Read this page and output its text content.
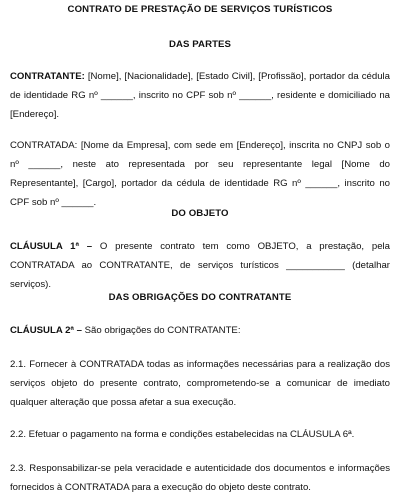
CONTRATO DE PRESTAÇÃO DE SERVIÇOS TURÍSTICOS
DAS PARTES

CONTRATANTE: [Nome], [Nacionalidade], [Estado Civil], [Profissão], portador da cédula de identidade RG nº ______, inscrito no CPF sob nº ______, residente e domiciliado na [Endereço].

CONTRATADA: [Nome da Empresa], com sede em [Endereço], inscrita no CNPJ sob o nº ______, neste ato representada por seu representante legal [Nome do Representante], [Cargo], portador da cédula de identidade RG nº ______, inscrito no CPF sob nº ______.

DO OBJETO

CLÁUSULA 1ª – O presente contrato tem como OBJETO, a prestação, pela CONTRATADA ao CONTRATANTE, de serviços turísticos ___________ (detalhar serviços).

DAS OBRIGAÇÕES DO CONTRATANTE

CLÁUSULA 2ª – São obrigações do CONTRATANTE:

2.1. Fornecer à CONTRATADA todas as informações necessárias para a realização dos serviços objeto do presente contrato, comprometendo-se a comunicar de imediato qualquer alteração que possa afetar a sua execução.

2.2. Efetuar o pagamento na forma e condições estabelecidas na CLÁUSULA 6ª.

2.3. Responsabilizar-se pela veracidade e autenticidade dos documentos e informações fornecidos à CONTRATADA para a execução do objeto deste contrato.
